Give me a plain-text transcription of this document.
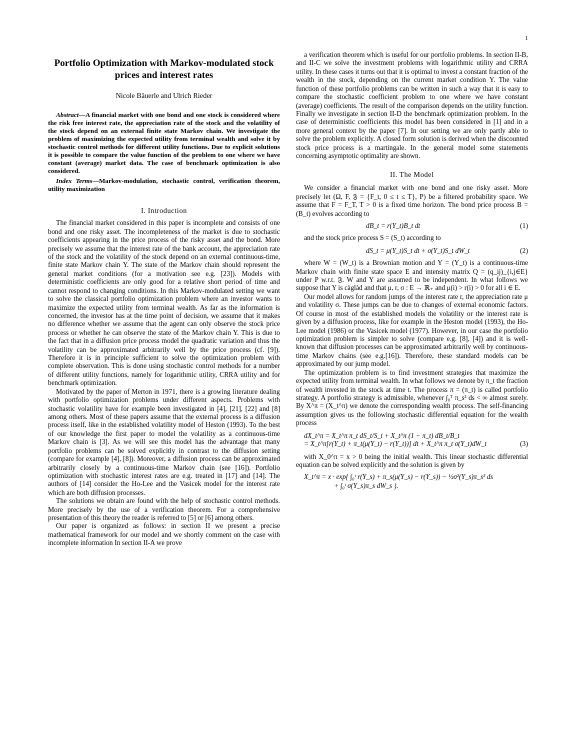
1
Portfolio Optimization with Markov-modulated stock prices and interest rates
Nicole Bäuerle and Ulrich Rieder
Abstract—A financial market with one bond and one stock is considered where the risk free interest rate, the appreciation rate of the stock and the volatility of the stock depend on an external finite state Markov chain. We investigate the problem of maximizing the expected utility from terminal wealth and solve it by stochastic control methods for different utility functions. Due to explicit solutions it is possible to compare the value function of the problem to one where we have constant (average) market data. The case of benchmark optimization is also considered.
Index Terms—Markov-modulation, stochastic control, verification theorem, utility maximization
I. Introduction

The financial market considered in this paper is incomplete and consists of one bond and one risky asset. The incompleteness of the market is due to stochastic coefficients appearing in the price process of the risky asset and the bond. More precisely we assume that the interest rate of the bank account, the appreciation rate of the stock and the volatility of the stock depend on an external continuous-time, finite state Markov chain Y. The state of the Markov chain should represent the general market conditions (for a motivation see e.g. [23]). Models with deterministic coefficients are only good for a relative short period of time and cannot respond to changing conditions. In this Markov-modulated setting we want to solve the classical portfolio optimization problem where an investor wants to maximize the expected utility from terminal wealth. As far as the information is concerned, the investor has at the time point of decision, we assume that it makes no difference whether we assume that the agent can only observe the stock price process or whether he can observe the state of the Markov chain Y. This is due to the fact that in a diffusion price process model the quadratic variation and thus the volatility can be approximated arbitrarily well by the price process (cf. [9]). Therefore it is in principle sufficient to solve the optimization problem with complete observation. This is done using stochastic control methods for a number of different utility functions, namely for logarithmic utility, CRRA utility and for benchmark optimization.

Motivated by the paper of Merton in 1971, there is a growing literature dealing with portfolio optimization problems under different aspects. Problems with stochastic volatility have for example been investigated in [4], [21], [22] and [8] among others. Most of these papers assume that the external process is a diffusion process itself, like in the established volatility model of Heston (1993). To the best of our knowledge the first paper to model the volatility as a continuous-time Markov chain is [3]. As we will see this model has the advantage that many portfolio problems can be solved explicitly in contrast to the diffusion setting (compare for example [4], [8]). Moreover, a diffusion process can be approximated arbitrarily closely by a continuous-time Markov chain (see [16]). Portfolio optimization with stochastic interest rates are e.g. treated in [17] and [14]. The authors of [14] consider the Ho-Lee and the Vasicek model for the interest rate which are both diffusion processes.

The solutions we obtain are found with the help of stochastic control methods. More precisely by the use of a verification theorem. For a comprehensive presentation of this theory the reader is referred to [5] or [6] among others.

Our paper is organized as follows: in section II we present a precise mathematical framework for our model and we shortly comment on the case with incomplete information In section II-A we prove

a verification theorem which is useful for our portfolio problems. In section II-B, and II-C we solve the investment problems with logarithmic utility and CRRA utility. In these cases it turns out that it is optimal to invest a constant fraction of the wealth in the stock, depending on the current market condition Y. The value function of these portfolio problems can be written in such a way that it is easy to compare the stochastic coefficient problem to one where we have constant (average) coefficients. The result of the comparison depends on the utility function. Finally we investigate in section II-D the benchmark optimization problem. In the case of deterministic coefficients this model has been considered in [1] and in a more general context by the paper [7]. In our setting we are only partly able to solve the problem explicitly. A closed form solution is derived when the discounted stock price process is a martingale. In the general model some statements concerning asymptotic optimality are shown.

II. The Model

We consider a financial market with one bond and one risky asset. More precisely let (Ω, F, 𝔉 = {F_t, 0 ≤ t ≤ T}, P) be a filtered probability space. We assume that F = F_T, T > 0 is a fixed time horizon. The bond price process B = (B_t) evolves according to

dB_t = r(Y_t)B_t dt	(1)

and the stock price process S = (S_t) according to

dS_t = μ(Y_t)S_t dt + σ(Y_t)S_t dW_t	(2)

where W = (W_t) is a Brownian motion and Y = (Y_t) is a continuous-time Markov chain with finite state space E and intensity matrix Q = (q_ij)_{i,j∈E} under P w.r.t. 𝔉. W and Y are assumed to be independent. In what follows we suppose that Y is càglàd and that μ, r, σ : E → ℝ₊ and μ(i) > r(i) > 0 for all i ∈ E.

Our model allows for random jumps of the interest rate r, the appreciation rate μ and volatility σ. These jumps can be due to changes of external economic factors. Of course in most of the established models the volatility or the interest rate is given by a diffusion process, like for example in the Heston model (1993), the Ho-Lee model (1986) or the Vasicek model (1977). However, in our case the portfolio optimization problem is simpler to solve (compare e.g. [8], [4]) and it is well-known that diffusion processes can be approximated arbitrarily well by continuous-time Markov chains (see e.g.[16]). Therefore, these standard models can be approximated by our jump model.

The optimization problem is to find investment strategies that maximize the expected utility from terminal wealth. In what follows we denote by π_t the fraction of wealth invested in the stock at time t. The process π = (π_t) is called portfolio strategy. A portfolio strategy is admissible, whenever ∫₀ᵀ π_s² ds < ∞ almost surely. By X^π = (X_t^π) we denote the corresponding wealth process. The self-financing assumption gives us the following stochastic differential equation for the wealth process

dX_t^π = X_t^π π_t dS_t/S_t + X_t^π (1 − π_t) dB_t/B_t
= X_t^π[r(Y_t) + π_t(μ(Y_t) − r(Y_t))] dt + X_t^π π_t σ(Y_t)dW_t	(3)

with X_0^π = x > 0 being the initial wealth. This linear stochastic differential equation can be solved explicitly and the solution is given by

X_t^π = x · exp{ ∫₀ᵗ r(Y_s) + π_s(μ(Y_s) − r(Y_s)) − ½σ²(Y_s)π_s² ds
+ ∫₀ᵗ σ(Y_s)π_s dW_s }.
